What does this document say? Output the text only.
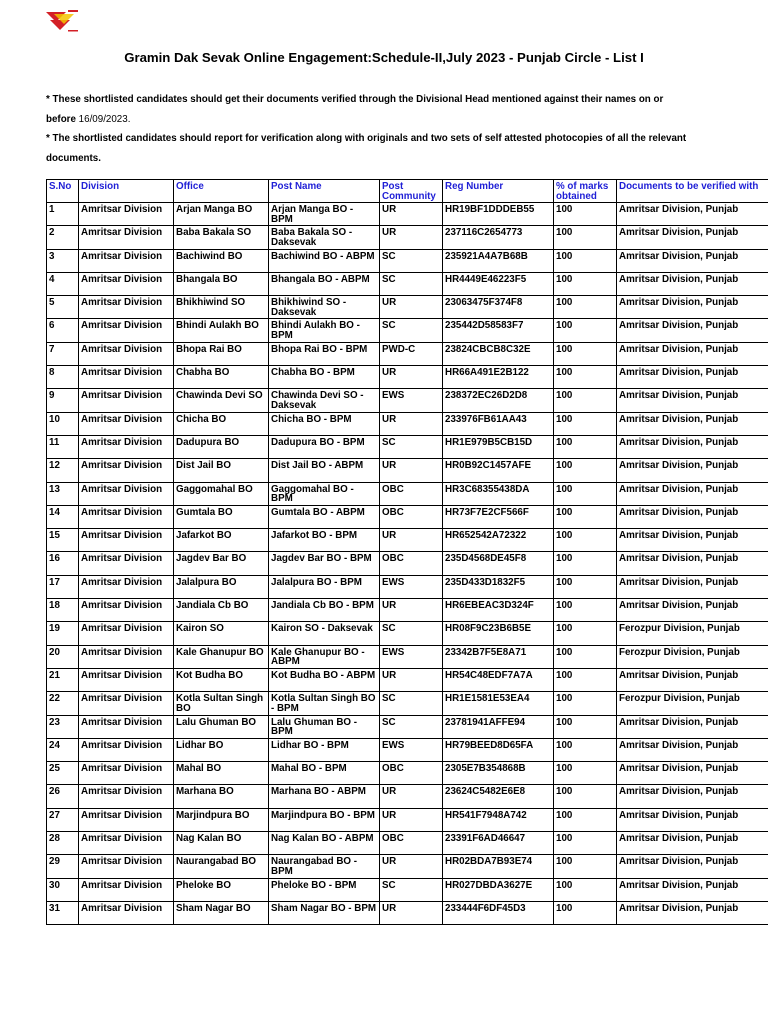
Gramin Dak Sevak Online Engagement:Schedule-II,July 2023 - Punjab Circle - List I

* These shortlisted candidates should get their documents verified through the Divisional Head mentioned against their names on or
before 16/09/2023.

* The shortlisted candidates should report for verification along with originals and two sets of self attested photocopies of all the relevant documents.

S.No	Division	Office	Post Name	Post Community	Reg Number	% of marks obtained	Documents to be verified with
1	Amritsar Division	Arjan Manga BO	Arjan Manga BO - BPM	UR	HR19BF1DDDEB55	100	Amritsar Division, Punjab
2	Amritsar Division	Baba Bakala SO	Baba Bakala SO - Daksevak	UR	237116C2654773	100	Amritsar Division, Punjab
3	Amritsar Division	Bachiwind BO	Bachiwind BO - ABPM	SC	235921A4A7B68B	100	Amritsar Division, Punjab
4	Amritsar Division	Bhangala BO	Bhangala BO - ABPM	SC	HR4449E46223F5	100	Amritsar Division, Punjab
5	Amritsar Division	Bhikhiwind SO	Bhikhiwind SO - Daksevak	UR	23063475F374F8	100	Amritsar Division, Punjab
6	Amritsar Division	Bhindi Aulakh BO	Bhindi Aulakh BO - BPM	SC	235442D58583F7	100	Amritsar Division, Punjab
7	Amritsar Division	Bhopa Rai BO	Bhopa Rai BO - BPM	PWD-C	23824CBCB8C32E	100	Amritsar Division, Punjab
8	Amritsar Division	Chabha BO	Chabha BO - BPM	UR	HR66A491E2B122	100	Amritsar Division, Punjab
9	Amritsar Division	Chawinda Devi SO	Chawinda Devi SO - Daksevak	EWS	238372EC26D2D8	100	Amritsar Division, Punjab
10	Amritsar Division	Chicha BO	Chicha BO - BPM	UR	233976FB61AA43	100	Amritsar Division, Punjab
11	Amritsar Division	Dadupura BO	Dadupura BO - BPM	SC	HR1E979B5CB15D	100	Amritsar Division, Punjab
12	Amritsar Division	Dist Jail BO	Dist Jail BO - ABPM	UR	HR0B92C1457AFE	100	Amritsar Division, Punjab
13	Amritsar Division	Gaggomahal BO	Gaggomahal BO - BPM	OBC	HR3C68355438DA	100	Amritsar Division, Punjab
14	Amritsar Division	Gumtala BO	Gumtala BO - ABPM	OBC	HR73F7E2CF566F	100	Amritsar Division, Punjab
15	Amritsar Division	Jafarkot BO	Jafarkot BO - BPM	UR	HR652542A72322	100	Amritsar Division, Punjab
16	Amritsar Division	Jagdev Bar BO	Jagdev Bar BO - BPM	OBC	235D4568DE45F8	100	Amritsar Division, Punjab
17	Amritsar Division	Jalalpura BO	Jalalpura BO - BPM	EWS	235D433D1832F5	100	Amritsar Division, Punjab
18	Amritsar Division	Jandiala Cb BO	Jandiala Cb BO - BPM	UR	HR6EBEAC3D324F	100	Amritsar Division, Punjab
19	Amritsar Division	Kairon SO	Kairon SO - Daksevak	SC	HR08F9C23B6B5E	100	Ferozpur Division, Punjab
20	Amritsar Division	Kale Ghanupur BO	Kale Ghanupur BO - ABPM	EWS	23342B7F5E8A71	100	Ferozpur Division, Punjab
21	Amritsar Division	Kot Budha BO	Kot Budha BO - ABPM	UR	HR54C48EDF7A7A	100	Amritsar Division, Punjab
22	Amritsar Division	Kotla Sultan Singh BO	Kotla Sultan Singh BO - BPM	SC	HR1E1581E53EA4	100	Ferozpur Division, Punjab
23	Amritsar Division	Lalu Ghuman BO	Lalu Ghuman BO - BPM	SC	23781941AFFE94	100	Amritsar Division, Punjab
24	Amritsar Division	Lidhar BO	Lidhar BO - BPM	EWS	HR79BEED8D65FA	100	Amritsar Division, Punjab
25	Amritsar Division	Mahal BO	Mahal BO - BPM	OBC	2305E7B354868B	100	Amritsar Division, Punjab
26	Amritsar Division	Marhana BO	Marhana BO - ABPM	UR	23624C5482E6E8	100	Amritsar Division, Punjab
27	Amritsar Division	Marjindpura BO	Marjindpura BO - BPM	UR	HR541F7948A742	100	Amritsar Division, Punjab
28	Amritsar Division	Nag Kalan BO	Nag Kalan BO - ABPM	OBC	23391F6AD46647	100	Amritsar Division, Punjab
29	Amritsar Division	Naurangabad BO	Naurangabad BO - BPM	UR	HR02BDA7B93E74	100	Amritsar Division, Punjab
30	Amritsar Division	Pheloke BO	Pheloke BO - BPM	SC	HR027DBDA3627E	100	Amritsar Division, Punjab
31	Amritsar Division	Sham Nagar BO	Sham Nagar BO - BPM	UR	233444F6DF45D3	100	Amritsar Division, Punjab
